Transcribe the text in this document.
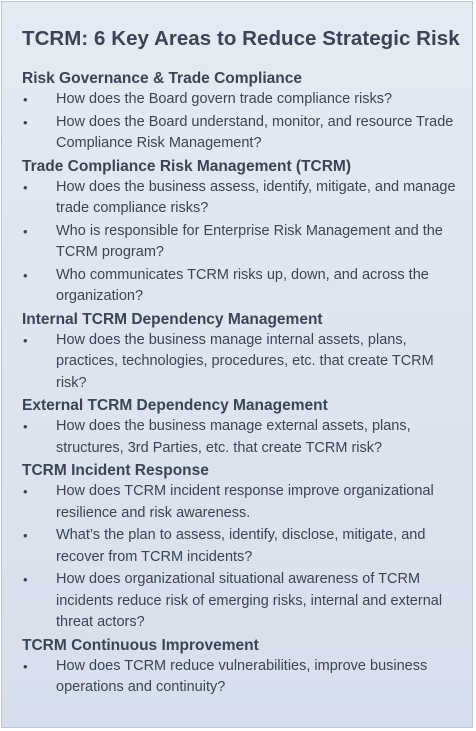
TCRM: 6 Key Areas to Reduce Strategic Risk
Risk Governance & Trade Compliance
• How does the Board govern trade compliance risks?
• How does the Board understand, monitor, and resource Trade Compliance Risk Management?
Trade Compliance Risk Management (TCRM)
• How does the business assess, identify, mitigate, and manage trade compliance risks?
• Who is responsible for Enterprise Risk Management and the TCRM program?
• Who communicates TCRM risks up, down, and across the organization?
Internal TCRM Dependency Management
• How does the business manage internal assets, plans, practices, technologies, procedures, etc. that create TCRM risk?
External TCRM Dependency Management
• How does the business manage external assets, plans, structures, 3rd Parties, etc. that create TCRM risk?
TCRM Incident Response
• How does TCRM incident response improve organizational resilience and risk awareness.
• What’s the plan to assess, identify, disclose, mitigate, and recover from TCRM incidents?
• How does organizational situational awareness of TCRM incidents reduce risk of emerging risks, internal and external threat actors?
TCRM Continuous Improvement
• How does TCRM reduce vulnerabilities, improve business operations and continuity?
